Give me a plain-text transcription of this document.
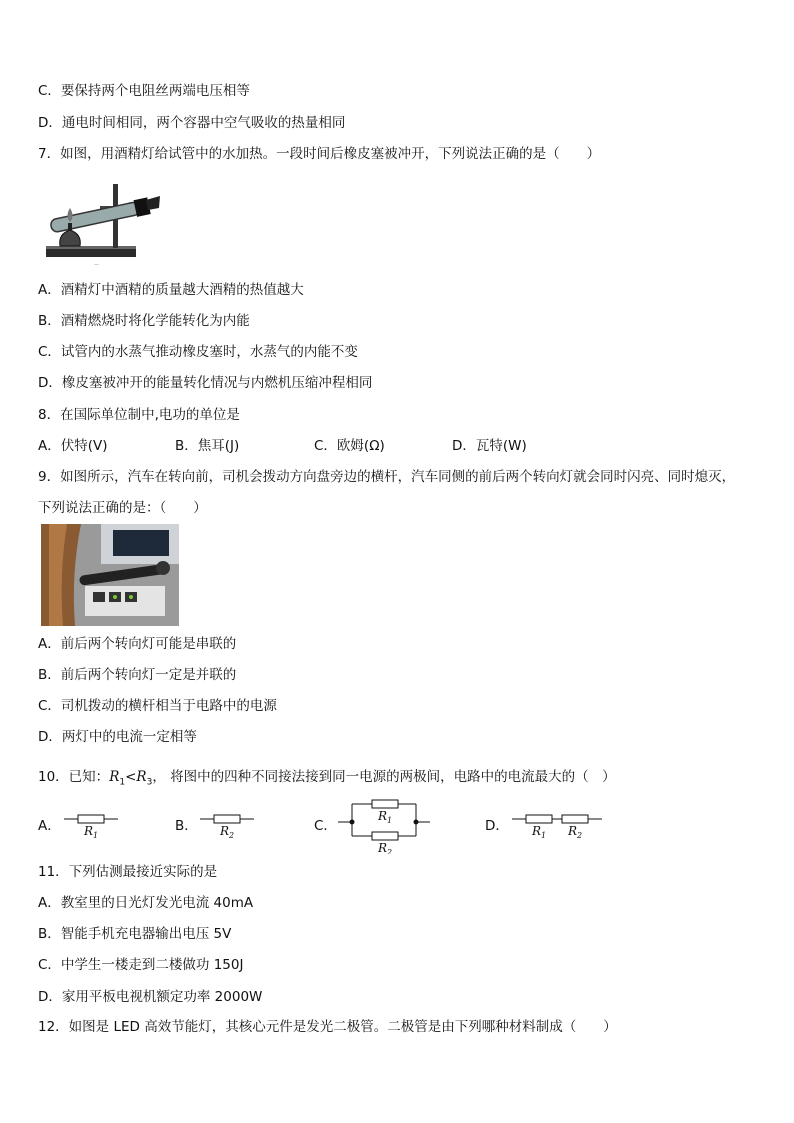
C．要保持两个电阻丝两端电压相等
D．通电时间相同，两个容器中空气吸收的热量相同
7．如图，用酒精灯给试管中的水加热。一段时间后橡皮塞被冲开，下列说法正确的是（　　）
—
A．酒精灯中酒精的质量越大酒精的热值越大
B．酒精燃烧时将化学能转化为内能
C．试管内的水蒸气推动橡皮塞时，水蒸气的内能不变
D．橡皮塞被冲开的能量转化情况与内燃机压缩冲程相同
8．在国际单位制中,电功的单位是
A．伏特(V)	B．焦耳(J)	C．欧姆(Ω)	D．瓦特(W)
9．如图所示，汽车在转向前，司机会拨动方向盘旁边的横杆，汽车同侧的前后两个转向灯就会同时闪亮、同时熄灭，
下列说法正确的是：（　　）
A．前后两个转向灯可能是串联的
B．前后两个转向灯一定是并联的
C．司机拨动的横杆相当于电路中的电源
D．两灯中的电流一定相等
10．已知：$R_1<R_3$， 将图中的四种不同接法接到同一电源的两极间，电路中的电流最大的（　）
A． $R_1$
B． $R_2$
C．
$R_1$
$R_2$
D． $R_1$ $R_2$
11．下列估测最接近实际的是
A．教室里的日光灯发光电流 40mA
B．智能手机充电器输出电压 5V
C．中学生一楼走到二楼做功 150J
D．家用平板电视机额定功率 2000W
12．如图是 LED 高效节能灯，其核心元件是发光二极管。二极管是由下列哪种材料制成（　　）
